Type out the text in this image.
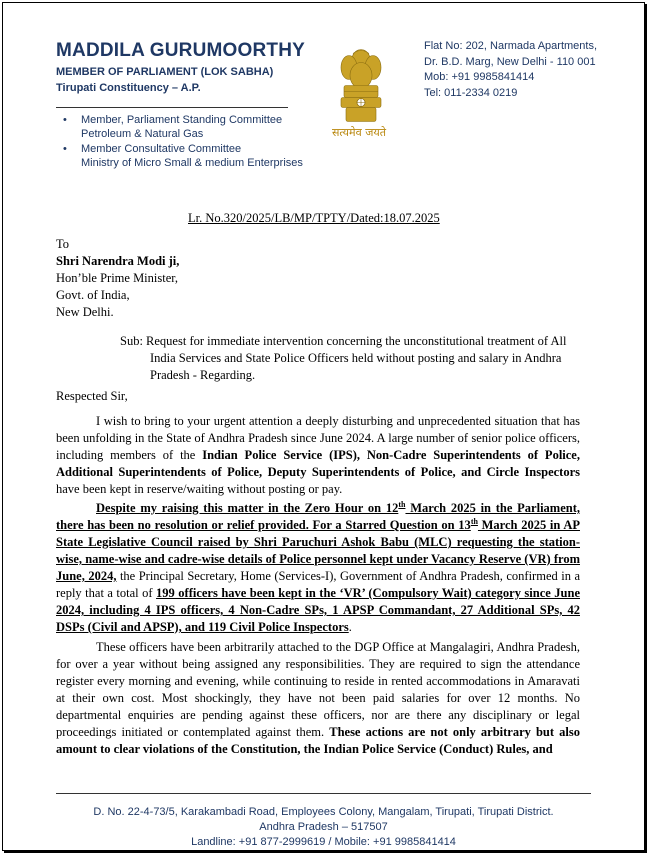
MADDILA GURUMOORTHY
MEMBER OF PARLIAMENT (LOK SABHA)
Tirupati Constituency – A.P.
• Member, Parliament Standing Committee
Petroleum & Natural Gas
• Member Consultative Committee
Ministry of Micro Small & medium Enterprises
सत्यमेव जयते
Flat No: 202, Narmada Apartments,
Dr. B.D. Marg, New Delhi - 110 001
Mob: +91 9985841414
Tel: 011-2334 0219
Lr. No.320/2025/LB/MP/TPTY/Dated:18.07.2025
To
Shri Narendra Modi ji,
Hon’ble Prime Minister,
Govt. of India,
New Delhi.
Sub: Request for immediate intervention concerning the unconstitutional treatment of All India Services and State Police Officers held without posting and salary in Andhra Pradesh - Regarding.
Respected Sir,
I wish to bring to your urgent attention a deeply disturbing and unprecedented situation that has been unfolding in the State of Andhra Pradesh since June 2024. A large number of senior police officers, including members of the Indian Police Service (IPS), Non-Cadre Superintendents of Police, Additional Superintendents of Police, Deputy Superintendents of Police, and Circle Inspectors have been kept in reserve/waiting without posting or pay.
Despite my raising this matter in the Zero Hour on 12th March 2025 in the Parliament, there has been no resolution or relief provided. For a Starred Question on 13th March 2025 in AP State Legislative Council raised by Shri Paruchuri Ashok Babu (MLC) requesting the station-wise, name-wise and cadre-wise details of Police personnel kept under Vacancy Reserve (VR) from June, 2024, the Principal Secretary, Home (Services-I), Government of Andhra Pradesh, confirmed in a reply that a total of 199 officers have been kept in the ‘VR’ (Compulsory Wait) category since June 2024, including 4 IPS officers, 4 Non-Cadre SPs, 1 APSP Commandant, 27 Additional SPs, 42 DSPs (Civil and APSP), and 119 Civil Police Inspectors.
These officers have been arbitrarily attached to the DGP Office at Mangalagiri, Andhra Pradesh, for over a year without being assigned any responsibilities. They are required to sign the attendance register every morning and evening, while continuing to reside in rented accommodations in Amaravati at their own cost. Most shockingly, they have not been paid salaries for over 12 months. No departmental enquiries are pending against these officers, nor are there any disciplinary or legal proceedings initiated or contemplated against them. These actions are not only arbitrary but also amount to clear violations of the Constitution, the Indian Police Service (Conduct) Rules, and
D. No. 22-4-73/5, Karakambadi Road, Employees Colony, Mangalam, Tirupati, Tirupati District.
Andhra Pradesh – 517507
Landline: +91 877-2999619 / Mobile: +91 9985841414
